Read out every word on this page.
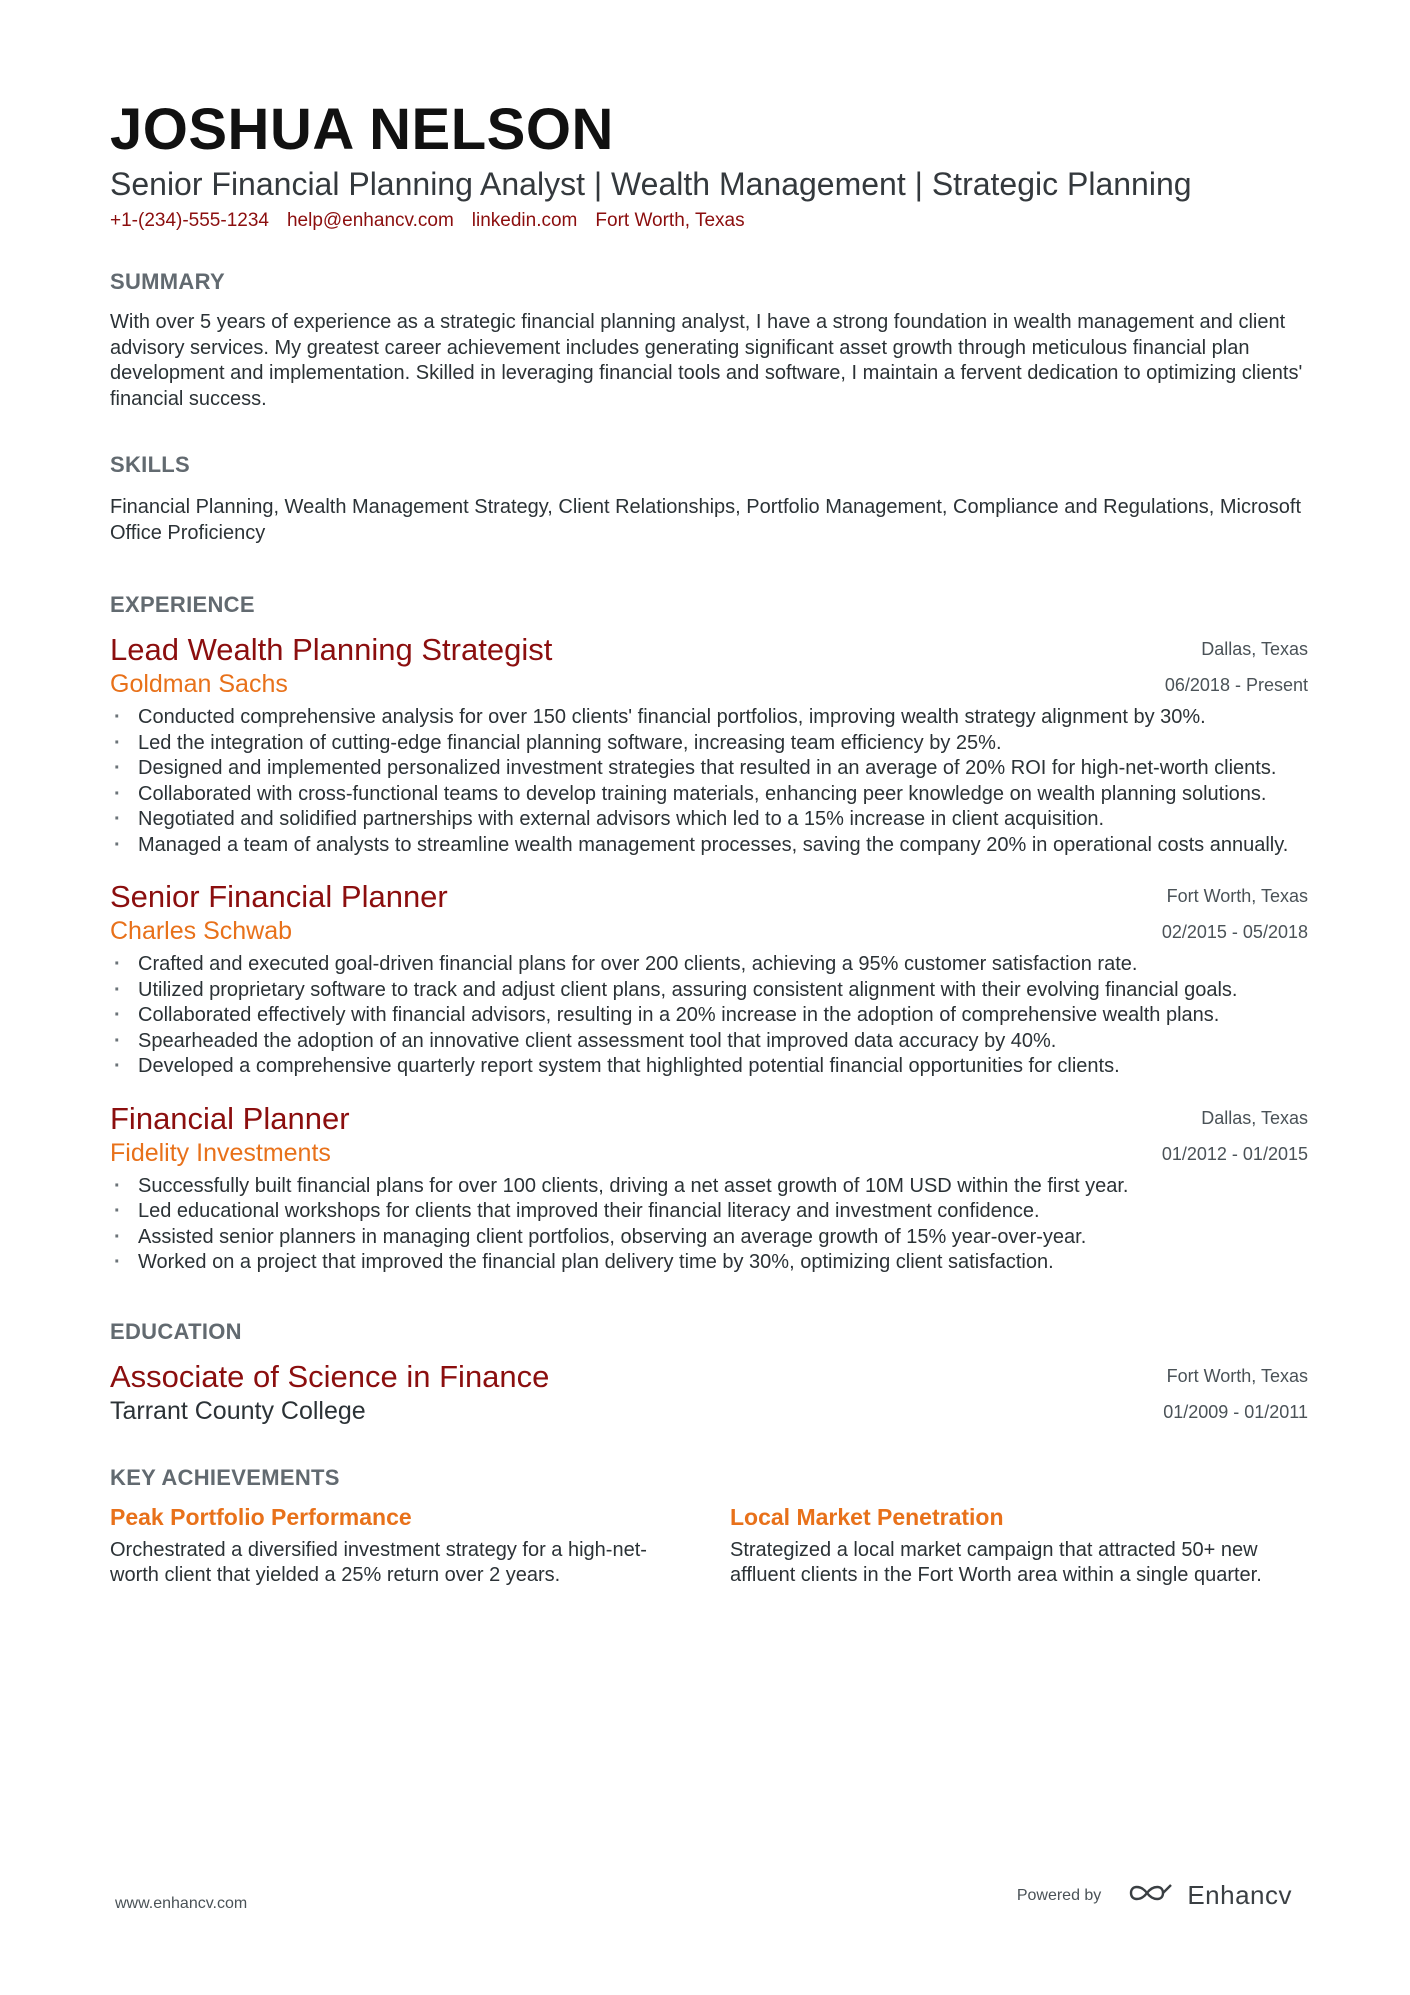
JOSHUA NELSON
Senior Financial Planning Analyst | Wealth Management | Strategic Planning
+1-(234)-555-1234 help@enhancv.com linkedin.com Fort Worth, Texas
SUMMARY

With over 5 years of experience as a strategic financial planning analyst, I have a strong foundation in wealth management and client advisory services. My greatest career achievement includes generating significant asset growth through meticulous financial plan development and implementation. Skilled in leveraging financial tools and software, I maintain a fervent dedication to optimizing clients' financial success.

SKILLS

Financial Planning, Wealth Management Strategy, Client Relationships, Portfolio Management, Compliance and Regulations, Microsoft Office Proficiency

EXPERIENCE
Lead Wealth Planning Strategist
Goldman Sachs
Dallas, Texas
06/2018 - Present
· Conducted comprehensive analysis for over 150 clients' financial portfolios, improving wealth strategy alignment by 30%.
· Led the integration of cutting-edge financial planning software, increasing team efficiency by 25%.
· Designed and implemented personalized investment strategies that resulted in an average of 20% ROI for high-net-worth clients.
· Collaborated with cross-functional teams to develop training materials, enhancing peer knowledge on wealth planning solutions.
· Negotiated and solidified partnerships with external advisors which led to a 15% increase in client acquisition.
· Managed a team of analysts to streamline wealth management processes, saving the company 20% in operational costs annually.
Senior Financial Planner
Charles Schwab
Fort Worth, Texas
02/2015 - 05/2018
· Crafted and executed goal-driven financial plans for over 200 clients, achieving a 95% customer satisfaction rate.
· Utilized proprietary software to track and adjust client plans, assuring consistent alignment with their evolving financial goals.
· Collaborated effectively with financial advisors, resulting in a 20% increase in the adoption of comprehensive wealth plans.
· Spearheaded the adoption of an innovative client assessment tool that improved data accuracy by 40%.
· Developed a comprehensive quarterly report system that highlighted potential financial opportunities for clients.
Financial Planner
Fidelity Investments
Dallas, Texas
01/2012 - 01/2015
· Successfully built financial plans for over 100 clients, driving a net asset growth of 10M USD within the first year.
· Led educational workshops for clients that improved their financial literacy and investment confidence.
· Assisted senior planners in managing client portfolios, observing an average growth of 15% year-over-year.
· Worked on a project that improved the financial plan delivery time by 30%, optimizing client satisfaction.
EDUCATION
Associate of Science in Finance
Tarrant County College
Fort Worth, Texas
01/2009 - 01/2011
KEY ACHIEVEMENTS
Peak Portfolio Performance

Orchestrated a diversified investment strategy for a high-net-worth client that yielded a 25% return over 2 years.

Local Market Penetration

Strategized a local market campaign that attracted 50+ new affluent clients in the Fort Worth area within a single quarter.

www.enhancv.com	Powered by	Enhancv
